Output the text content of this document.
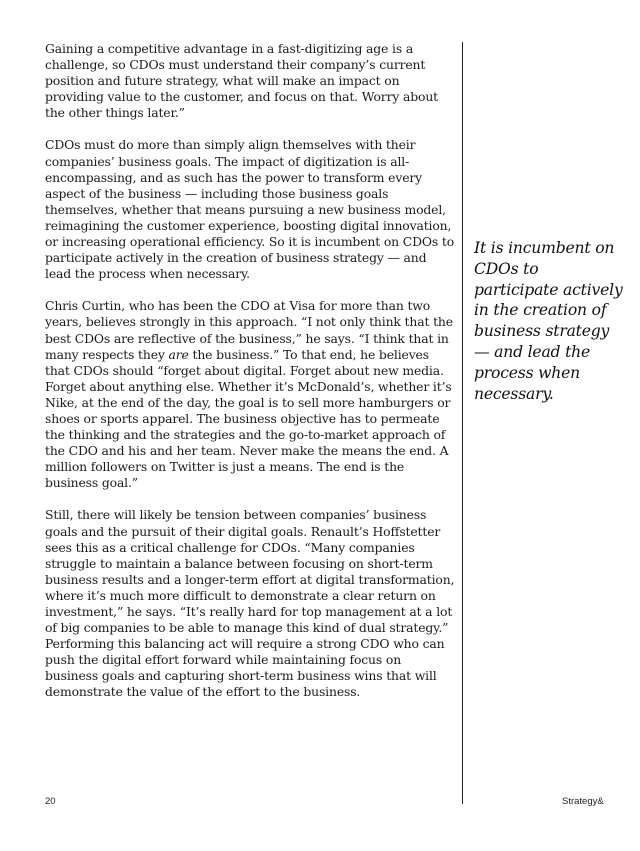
Gaining a competitive advantage in a fast-digitizing age is a challenge, so CDOs must understand their company’s current position and future strategy, what will make an impact on providing value to the customer, and focus on that. Worry about the other things later.”

CDOs must do more than simply align themselves with their companies’ business goals. The impact of digitization is all-encompassing, and as such has the power to transform every aspect of the business — including those business goals themselves, whether that means pursuing a new business model, reimagining the customer experience, boosting digital innovation, or increasing operational efficiency. So it is incumbent on CDOs to participate actively in the creation of business strategy — and lead the process when necessary.

Chris Curtin, who has been the CDO at Visa for more than two years, believes strongly in this approach. “I not only think that the best CDOs are reflective of the business,” he says. “I think that in many respects they are the business.” To that end, he believes that CDOs should “forget about digital. Forget about new media. Forget about anything else. Whether it’s McDonald’s, whether it’s Nike, at the end of the day, the goal is to sell more hamburgers or shoes or sports apparel. The business objective has to permeate the thinking and the strategies and the go-to-market approach of the CDO and his and her team. Never make the means the end. A million followers on Twitter is just a means. The end is the business goal.”

Still, there will likely be tension between companies’ business goals and the pursuit of their digital goals. Renault’s Hoffstetter sees this as a critical challenge for CDOs. “Many companies struggle to maintain a balance between focusing on short-term business results and a longer-term effort at digital transformation, where it’s much more difficult to demonstrate a clear return on investment,” he says. “It’s really hard for top management at a lot of big companies to be able to manage this kind of dual strategy.” Performing this balancing act will require a strong CDO who can push the digital effort forward while maintaining focus on business goals and capturing short-term business wins that will demonstrate the value of the effort to the business.

It is incumbent on CDOs to participate actively in the creation of business strategy — and lead the process when necessary.
20	Strategy&
